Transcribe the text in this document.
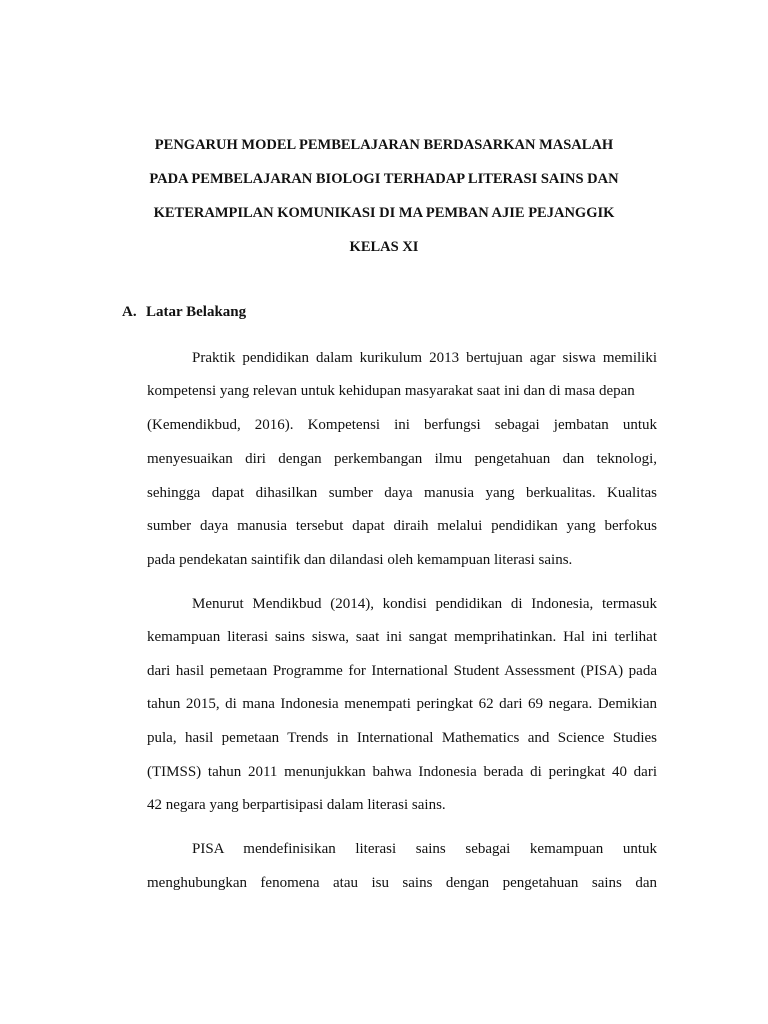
PENGARUH MODEL PEMBELAJARAN BERDASARKAN MASALAH
PADA PEMBELAJARAN BIOLOGI TERHADAP LITERASI SAINS DAN
KETERAMPILAN KOMUNIKASI DI MA PEMBAN AJIE PEJANGGIK
KELAS XI
A. Latar Belakang
Praktik pendidikan dalam kurikulum 2013 bertujuan agar siswa memiliki
kompetensi yang relevan untuk kehidupan masyarakat saat ini dan di masa depan
(Kemendikbud, 2016). Kompetensi ini berfungsi sebagai jembatan untuk
menyesuaikan diri dengan perkembangan ilmu pengetahuan dan teknologi,
sehingga dapat dihasilkan sumber daya manusia yang berkualitas. Kualitas
sumber daya manusia tersebut dapat diraih melalui pendidikan yang berfokus
pada pendekatan saintifik dan dilandasi oleh kemampuan literasi sains.
Menurut Mendikbud (2014), kondisi pendidikan di Indonesia, termasuk
kemampuan literasi sains siswa, saat ini sangat memprihatinkan. Hal ini terlihat
dari hasil pemetaan Programme for International Student Assessment (PISA) pada
tahun 2015, di mana Indonesia menempati peringkat 62 dari 69 negara. Demikian
pula, hasil pemetaan Trends in International Mathematics and Science Studies
(TIMSS) tahun 2011 menunjukkan bahwa Indonesia berada di peringkat 40 dari
42 negara yang berpartisipasi dalam literasi sains.
PISA mendefinisikan literasi sains sebagai kemampuan untuk
menghubungkan fenomena atau isu sains dengan pengetahuan sains dan
